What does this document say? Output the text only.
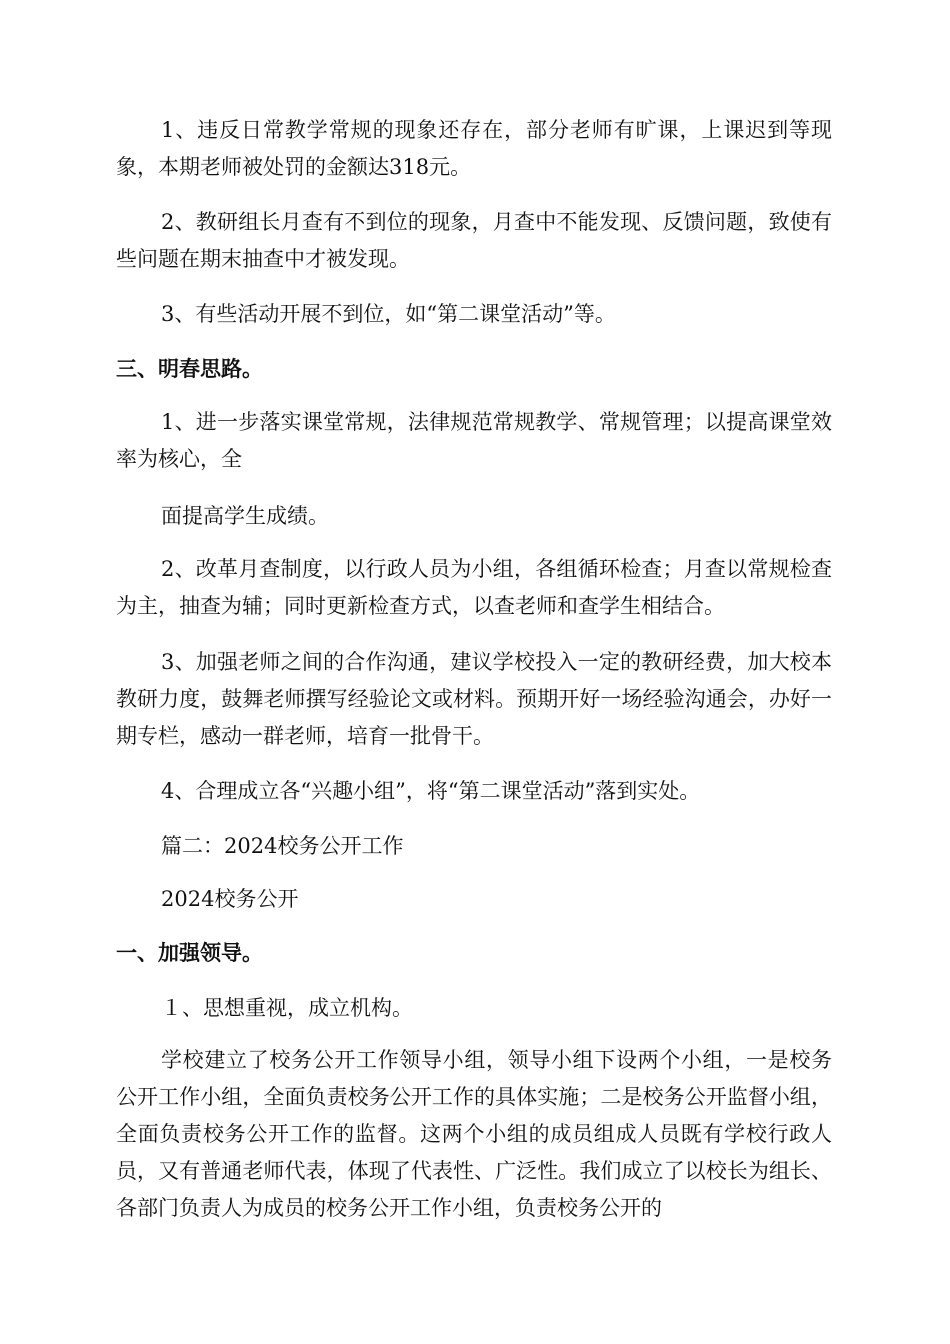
1、违反日常教学常规的现象还存在，部分老师有旷课，上课迟到等现象，本期老师被处罚的金额达318元。

2、教研组长月查有不到位的现象，月查中不能发现、反馈问题，致使有些问题在期末抽查中才被发现。

3、有些活动开展不到位，如“第二课堂活动”等。

三、明春思路。

1、进一步落实课堂常规，法律规范常规教学、常规管理；以提高课堂效率为核心，全

面提高学生成绩。

2、改革月查制度，以行政人员为小组，各组循环检查；月查以常规检查为主，抽查为辅；同时更新检查方式，以查老师和查学生相结合。

3、加强老师之间的合作沟通，建议学校投入一定的教研经费，加大校本教研力度，鼓舞老师撰写经验论文或材料。预期开好一场经验沟通会，办好一期专栏，感动一群老师，培育一批骨干。

4、合理成立各“兴趣小组”，将“第二课堂活动”落到实处。

篇二：2024校务公开工作

2024校务公开

一、加强领导。

１、思想重视，成立机构。

学校建立了校务公开工作领导小组，领导小组下设两个小组，一是校务公开工作小组，全面负责校务公开工作的具体实施；二是校务公开监督小组，全面负责校务公开工作的监督。这两个小组的成员组成人员既有学校行政人员，又有普通老师代表，体现了代表性、广泛性。我们成立了以校长为组长、各部门负责人为成员的校务公开工作小组，负责校务公开的
